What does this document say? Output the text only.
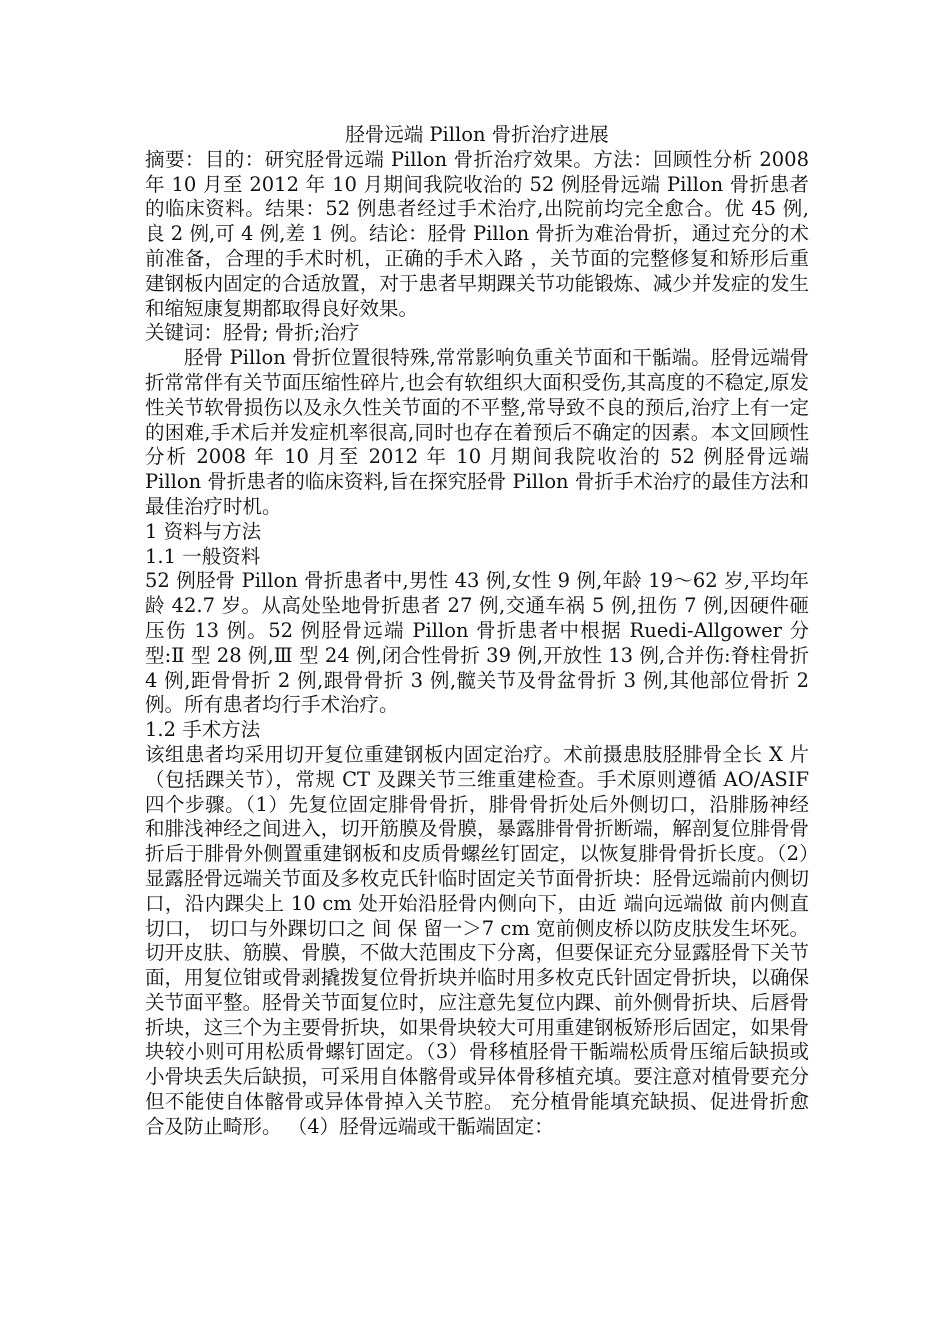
胫骨远端 Pillon 骨折治疗进展

摘要：目的：研究胫骨远端 Pillon 骨折治疗效果。方法：回顾性分析 2008 年 10 月至 2012 年 10 月期间我院收治的 52 例胫骨远端 Pillon 骨折患者的临床资料。结果：52 例患者经过手术治疗,出院前均完全愈合。优 45 例,良 2 例,可 4 例,差 1 例。结论：胫骨 Pillon 骨折为难治骨折，通过充分的术前准备，合理的手术时机，正确的手术入路 ，关节面的完整修复和矫形后重建钢板内固定的合适放置，对于患者早期踝关节功能锻炼、减少并发症的发生和缩短康复期都取得良好效果。

关键词：胫骨; 骨折;治疗

胫骨 Pillon 骨折位置很特殊,常常影响负重关节面和干骺端。胫骨远端骨折常常伴有关节面压缩性碎片,也会有软组织大面积受伤,其高度的不稳定,原发性关节软骨损伤以及永久性关节面的不平整,常导致不良的预后,治疗上有一定的困难,手术后并发症机率很高,同时也存在着预后不确定的因素。本文回顾性分析 2008 年 10 月至 2012 年 10 月期间我院收治的 52 例胫骨远端 Pillon 骨折患者的临床资料,旨在探究胫骨 Pillon 骨折手术治疗的最佳方法和最佳治疗时机。

1 资料与方法

1.1 一般资料

52 例胫骨 Pillon 骨折患者中,男性 43 例,女性 9 例,年龄 19～62 岁,平均年龄 42.7 岁。从高处坠地骨折患者 27 例,交通车祸 5 例,扭伤 7 例,因硬件砸压伤 13 例。52 例胫骨远端 Pillon 骨折患者中根据 Ruedi-Allgower 分型:Ⅱ 型 28 例,Ⅲ 型 24 例,闭合性骨折 39 例,开放性 13 例,合并伤:脊柱骨折 4 例,距骨骨折 2 例,跟骨骨折 3 例,髋关节及骨盆骨折 3 例,其他部位骨折 2 例。所有患者均行手术治疗。

1.2 手术方法

该组患者均采用切开复位重建钢板内固定治疗。术前摄患肢胫腓骨全长 X 片（包括踝关节），常规 CT 及踝关节三维重建检查。手术原则遵循 AO/ASIF 四个步骤。（1）先复位固定腓骨骨折，腓骨骨折处后外侧切口，沿腓肠神经和腓浅神经之间进入，切开筋膜及骨膜，暴露腓骨骨折断端，解剖复位腓骨骨折后于腓骨外侧置重建钢板和皮质骨螺丝钉固定，以恢复腓骨骨折长度。（2）显露胫骨远端关节面及多枚克氏针临时固定关节面骨折块：胫骨远端前内侧切口，沿内踝尖上 10 cm 处开始沿胫骨内侧向下，由近 端向远端做 前内侧直切口， 切口与外踝切口之 间 保 留一＞7 cm 宽前侧皮桥以防皮肤发生坏死。 切开皮肤、筋膜、骨膜，不做大范围皮下分离，但要保证充分显露胫骨下关节面，用复位钳或骨剥撬拨复位骨折块并临时用多枚克氏针固定骨折块，以确保关节面平整。胫骨关节面复位时，应注意先复位内踝、前外侧骨折块、后唇骨折块，这三个为主要骨折块，如果骨块较大可用重建钢板矫形后固定，如果骨块较小则可用松质骨螺钉固定。（3）骨移植胫骨干骺端松质骨压缩后缺损或小骨块丢失后缺损，可采用自体髂骨或异体骨移植充填。要注意对植骨要充分但不能使自体髂骨或异体骨掉入关节腔。 充分植骨能填充缺损、促进骨折愈合及防止畸形。 （4）胫骨远端或干骺端固定：
